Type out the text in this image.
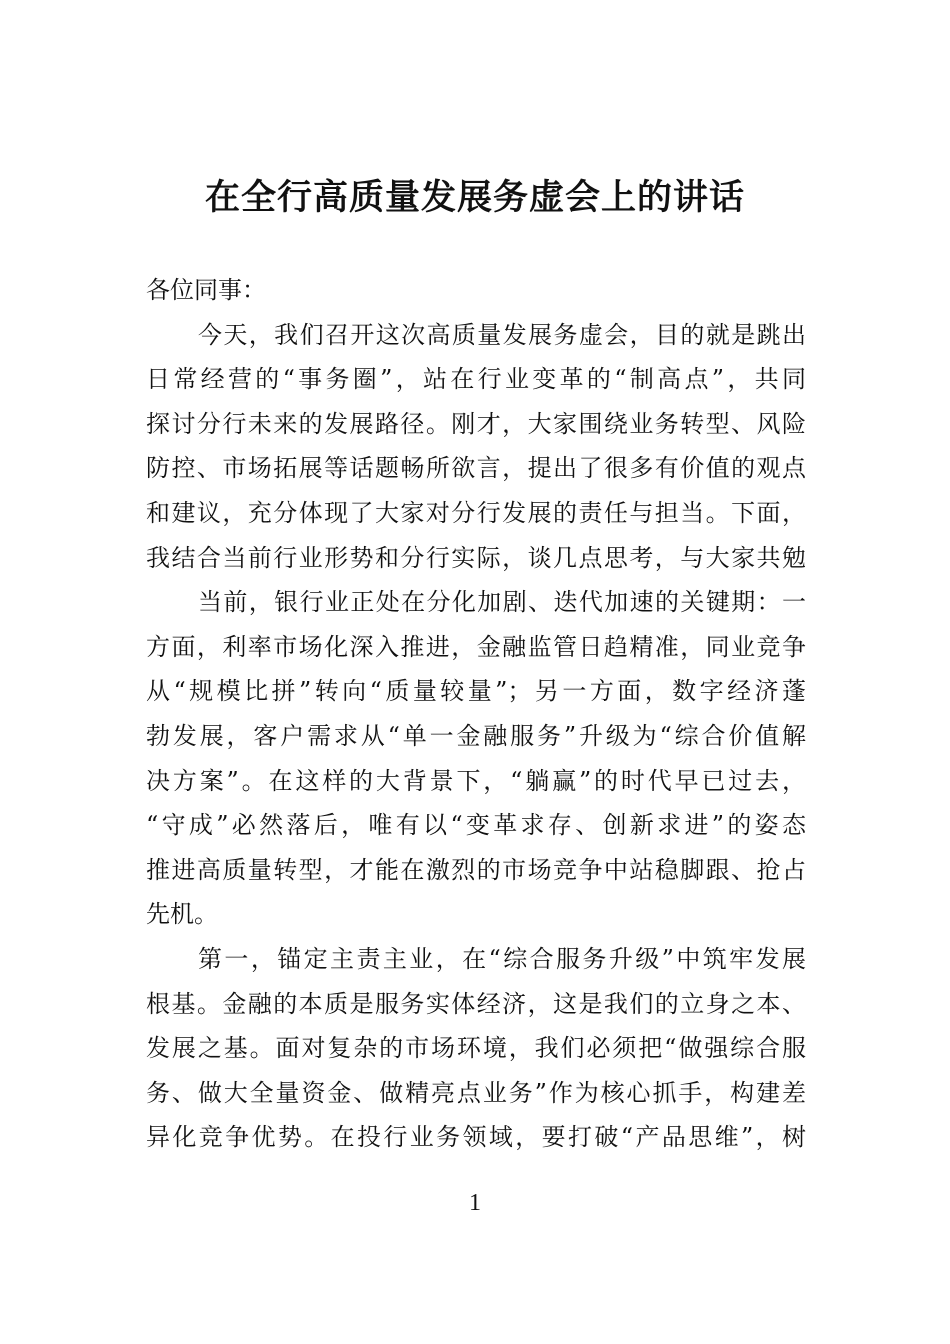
在全行高质量发展务虚会上的讲话
各位同事：
今天，我们召开这次高质量发展务虚会，目的就是跳出
日常经营的“事务圈”，站在行业变革的“制高点”，共同
探讨分行未来的发展路径。刚才，大家围绕业务转型、风险
防控、市场拓展等话题畅所欲言，提出了很多有价值的观点
和建议，充分体现了大家对分行发展的责任与担当。下面，
我结合当前行业形势和分行实际，谈几点思考，与大家共勉
当前，银行业正处在分化加剧、迭代加速的关键期：一
方面，利率市场化深入推进，金融监管日趋精准，同业竞争
从“规模比拼”转向“质量较量”；另一方面，数字经济蓬
勃发展，客户需求从“单一金融服务”升级为“综合价值解
决方案”。在这样的大背景下，“躺赢”的时代早已过去，
“守成”必然落后，唯有以“变革求存、创新求进”的姿态
推进高质量转型，才能在激烈的市场竞争中站稳脚跟、抢占
先机。
第一，锚定主责主业，在“综合服务升级”中筑牢发展
根基。金融的本质是服务实体经济，这是我们的立身之本、
发展之基。面对复杂的市场环境，我们必须把“做强综合服
务、做大全量资金、做精亮点业务”作为核心抓手，构建差
异化竞争优势。在投行业务领域，要打破“产品思维”，树
1
